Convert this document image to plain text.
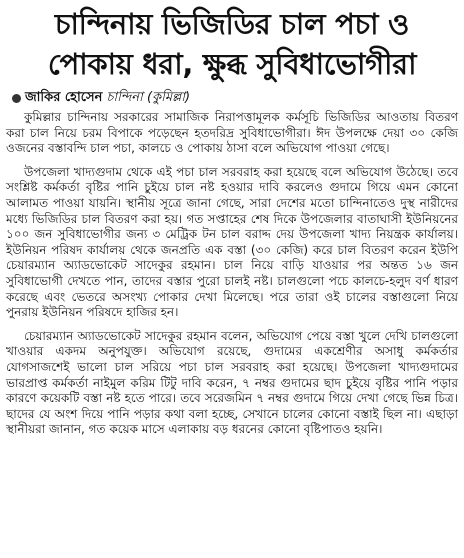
চান্দিনায় ভিজিডির চাল পচা ও
পোকায় ধরা, ক্ষুব্ধ সুবিধাভোগীরা
জাকির হোসেন চান্দিনা (কুমিল্লা)

কুমিল্লার চান্দিনায় সরকারের সামাজিক নিরাপত্তামূলক কর্মসূচি ভিজিডির আওতায় বিতরণ করা চাল নিয়ে চরম বিপাকে পড়েছেন হতদরিদ্র সুবিধাভোগীরা। ঈদ উপলক্ষে দেয়া ৩০ কেজি ওজনের বস্তাবন্দি চাল পচা, কালচে ও পোকায় ঠাসা বলে অভিযোগ পাওয়া গেছে।

উপজেলা খাদ্যগুদাম থেকে এই পচা চাল সরবরাহ করা হয়েছে বলে অভিযোগ উঠেছে। তবে সংশ্লিষ্ট কর্মকর্তা বৃষ্টির পানি চুইয়ে চাল নষ্ট হওয়ার দাবি করলেও গুদামে গিয়ে এমন কোনো আলামত পাওয়া যায়নি। স্থানীয় সূত্রে জানা গেছে, সারা দেশের মতো চান্দিনাতেও দুস্থ নারীদের মধ্যে ভিজিডির চাল বিতরণ করা হয়। গত সপ্তাহের শেষ দিকে উপজেলার বাতাঘাসী ইউনিয়নের ১০০ জন সুবিধাভোগীর জন্য ৩ মেট্রিক টন চাল বরাদ্দ দেয় উপজেলা খাদ্য নিয়ন্ত্রক কার্যালয়। ইউনিয়ন পরিষদ কার্যালয় থেকে জনপ্রতি এক বস্তা (৩০ কেজি) করে চাল বিতরণ করেন ইউপি চেয়ারম্যান অ্যাডভোকেট সাদেকুর রহমান। চাল নিয়ে বাড়ি যাওয়ার পর অন্তত ১৬ জন সুবিধাভোগী দেখতে পান, তাদের বস্তার পুরো চালই নষ্ট। চালগুলো পচে কালচে-হলুদ বর্ণ ধারণ করেছে এবং ভেতরে অসংখ্য পোকার দেখা মিলেছে। পরে তারা ওই চালের বস্তাগুলো নিয়ে পুনরায় ইউনিয়ন পরিষদে হাজির হন।

চেয়ারম্যান অ্যাডভোকেট সাদেকুর রহমান বলেন, অভিযোগ পেয়ে বস্তা খুলে দেখি চালগুলো খাওয়ার একদম অনুপযুক্ত। অভিযোগ রয়েছে, গুদামের একশ্রেণীর অসাধু কর্মকর্তার যোগসাজশেই ভালো চাল সরিয়ে পচা চাল সরবরাহ করা হয়েছে। উপজেলা খাদ্যগুদামের ভারপ্রাপ্ত কর্মকর্তা নাইমুল করিম টিটু দাবি করেন, ৭ নম্বর গুদামের ছাদ চুইয়ে বৃষ্টির পানি পড়ার কারণে কয়েকটি বস্তা নষ্ট হতে পারে। তবে সরেজমিন ৭ নম্বর গুদামে গিয়ে দেখা গেছে ভিন্ন চিত্র। ছাদের যে অংশ দিয়ে পানি পড়ার কথা বলা হচ্ছে, সেখানে চালের কোনো বস্তাই ছিল না। এছাড়া স্থানীয়রা জানান, গত কয়েক মাসে এলাকায় বড় ধরনের কোনো বৃষ্টিপাতও হয়নি।
